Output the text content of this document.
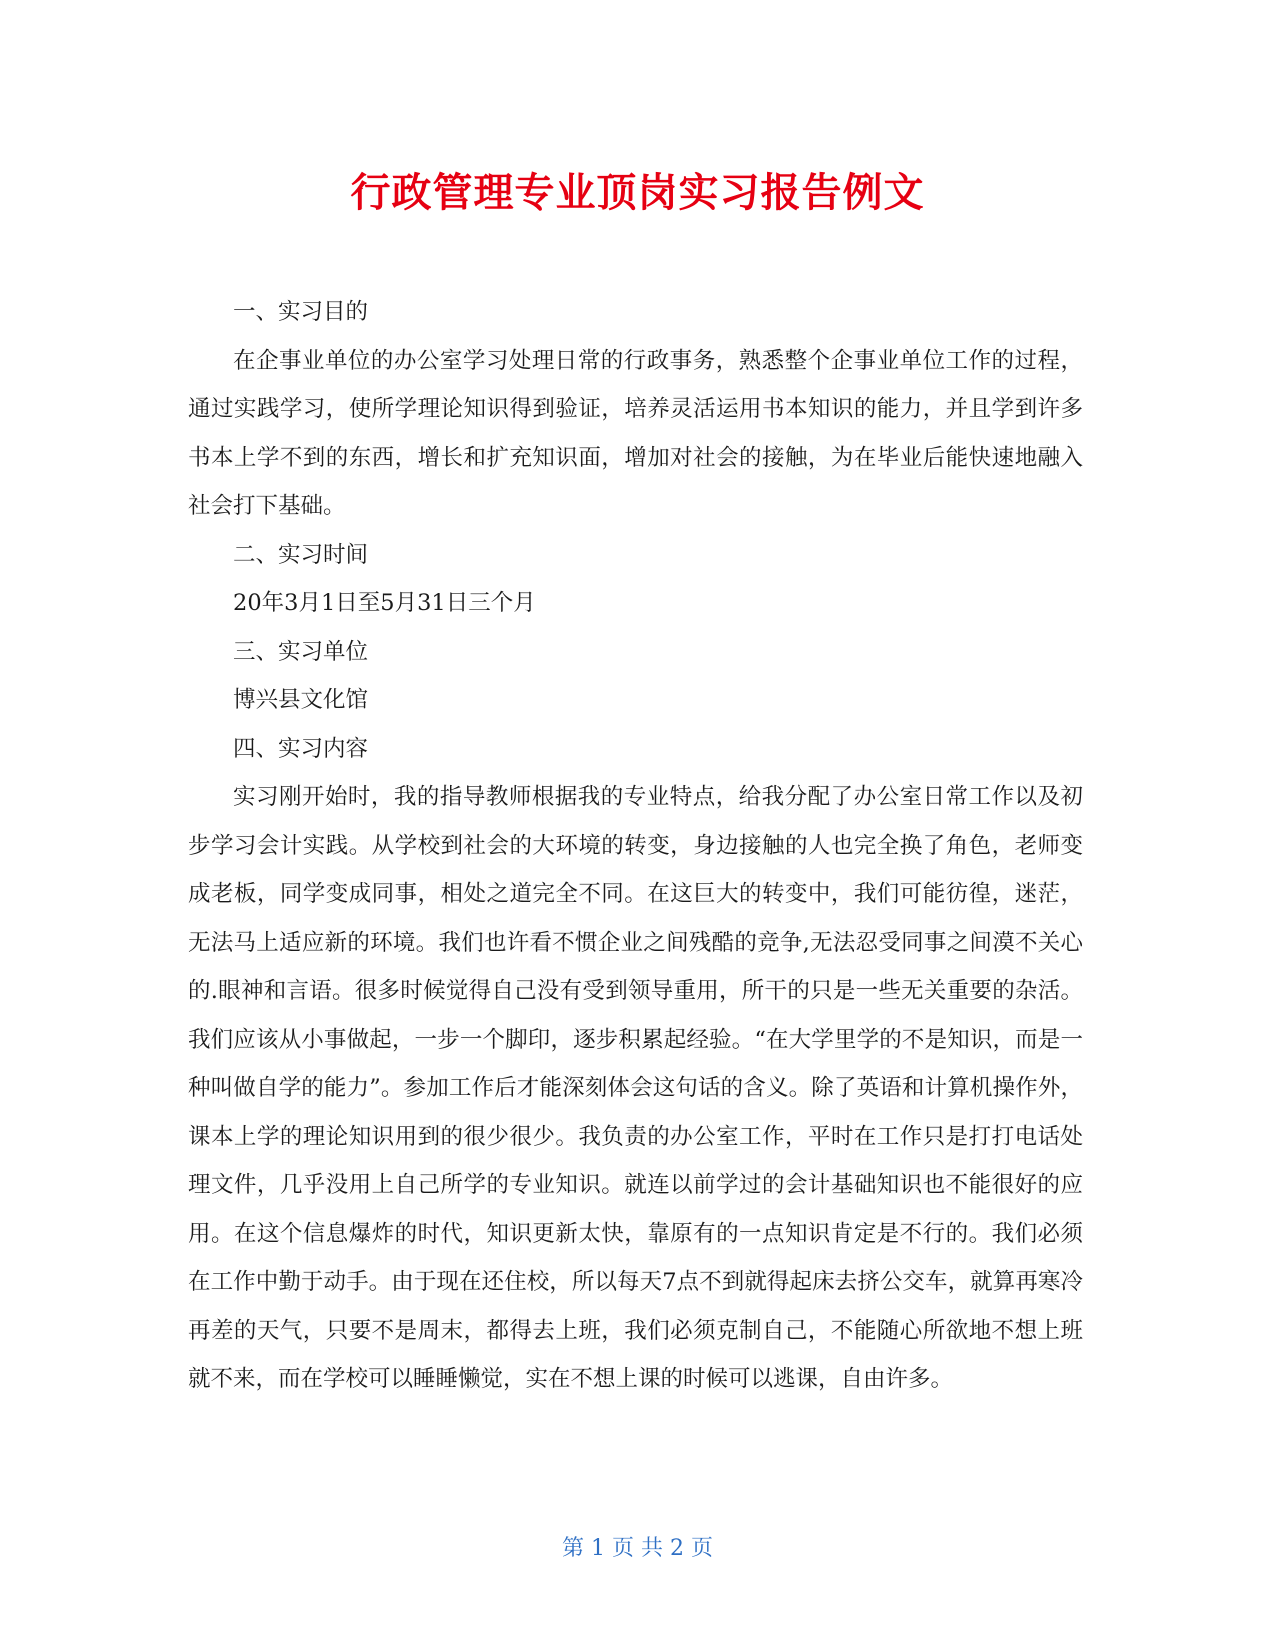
行政管理专业顶岗实习报告例文

一、实习目的

在企事业单位的办公室学习处理日常的行政事务，熟悉整个企事业单位工作的过程，通过实践学习，使所学理论知识得到验证，培养灵活运用书本知识的能力，并且学到许多书本上学不到的东西，增长和扩充知识面，增加对社会的接触，为在毕业后能快速地融入社会打下基础。

二、实习时间

20年3月1日至5月31日三个月

三、实习单位

博兴县文化馆

四、实习内容

实习刚开始时，我的指导教师根据我的专业特点，给我分配了办公室日常工作以及初步学习会计实践。从学校到社会的大环境的转变，身边接触的人也完全换了角色，老师变成老板，同学变成同事，相处之道完全不同。在这巨大的转变中，我们可能彷徨，迷茫，无法马上适应新的环境。我们也许看不惯企业之间残酷的竞争,无法忍受同事之间漠不关心的.眼神和言语。很多时候觉得自己没有受到领导重用，所干的只是一些无关重要的杂活。我们应该从小事做起，一步一个脚印，逐步积累起经验。“在大学里学的不是知识，而是一种叫做自学的能力”。参加工作后才能深刻体会这句话的含义。除了英语和计算机操作外，课本上学的理论知识用到的很少很少。我负责的办公室工作，平时在工作只是打打电话处理文件，几乎没用上自己所学的专业知识。就连以前学过的会计基础知识也不能很好的应用。在这个信息爆炸的时代，知识更新太快，靠原有的一点知识肯定是不行的。我们必须在工作中勤于动手。由于现在还住校，所以每天7点不到就得起床去挤公交车，就算再寒冷再差的天气，只要不是周末，都得去上班，我们必须克制自己，不能随心所欲地不想上班就不来，而在学校可以睡睡懒觉，实在不想上课的时候可以逃课，自由许多。

第 1 页 共 2 页
